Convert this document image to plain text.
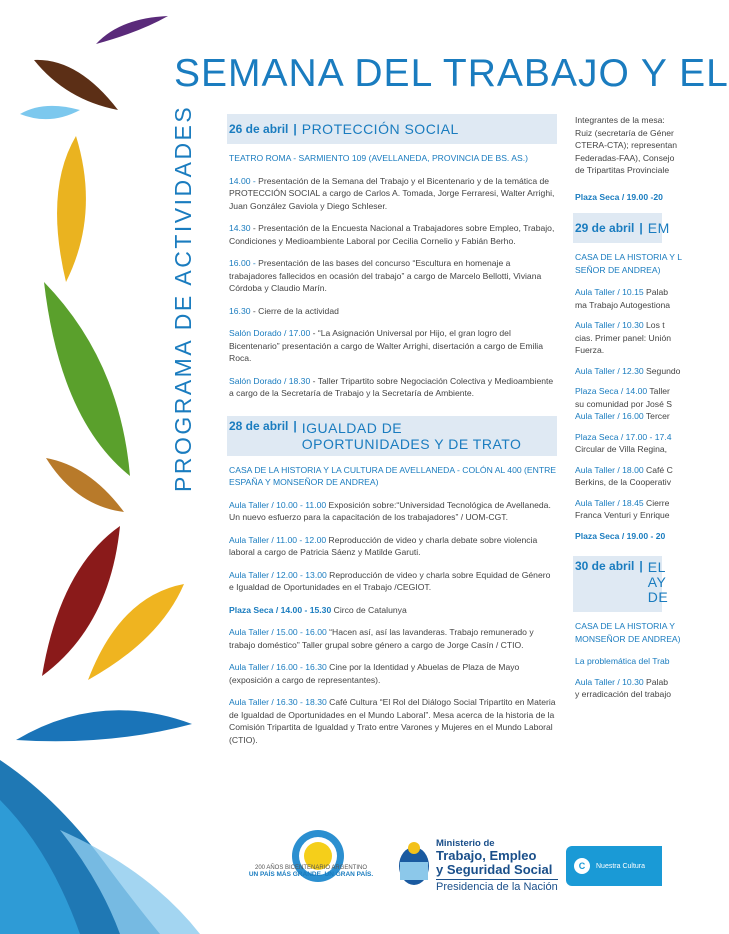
SEMANA DEL TRABAJO Y EL
PROGRAMA DE ACTIVIDADES	26 de abril | PROTECCIÓN SOCIAL
TEATRO ROMA - SARMIENTO 109 (AVELLANEDA, PROVINCIA DE BS. AS.)
14.00 - Presentación de la Semana del Trabajo y el Bicentenario y de la temática de PROTECCIÓN SOCIAL a cargo de Carlos A. Tomada, Jorge Ferraresi, Walter Arrighi, Juan González Gaviola y Diego Schleser.
14.30 - Presentación de la Encuesta Nacional a Trabajadores sobre Empleo, Trabajo, Condiciones y Medioambiente Laboral por Cecilia Cornelio y Fabián Berho.
16.00 - Presentación de las bases del concurso “Escultura en homenaje a trabajadores fallecidos en ocasión del trabajo” a cargo de Marcelo Bellotti, Viviana Córdoba y Claudio Marín.
16.30 - Cierre de la actividad
Salón Dorado / 17.00 - “La Asignación Universal por Hijo, el gran logro del Bicentenario” presentación a cargo de Walter Arrighi, disertación a cargo de Emilia Roca.
Salón Dorado / 18.30 - Taller Tripartito sobre Negociación Colectiva y Medioambiente a cargo de la Secretaría de Trabajo y la Secretaría de Ambiente.
28 de abril | IGUALDAD DE OPORTUNIDADES Y DE TRATO
CASA DE LA HISTORIA Y LA CULTURA DE AVELLANEDA - COLÓN AL 400 (ENTRE ESPAÑA Y MONSEÑOR DE ANDREA)
Aula Taller / 10.00 - 11.00 Exposición sobre:“Universidad Tecnológica de Avellaneda. Un nuevo esfuerzo para la capacitación de los trabajadores” / UOM-CGT.
Aula Taller / 11.00 - 12.00 Reproducción de video y charla debate sobre violencia laboral a cargo de Patricia Sáenz y Matilde Garuti.
Aula Taller / 12.00 - 13.00 Reproducción de video y charla sobre Equidad de Género e Igualdad de Oportunidades en el Trabajo /CEGIOT.
Plaza Seca / 14.00 - 15.30 Circo de Catalunya
Aula Taller / 15.00 - 16.00 “Hacen así, así las lavanderas. Trabajo remunerado y trabajo doméstico” Taller grupal sobre género a cargo de Jorge Casín / CTIO.
Aula Taller / 16.00 - 16.30 Cine por la Identidad y Abuelas de Plaza de Mayo (exposición a cargo de representantes).
Aula Taller / 16.30 - 18.30 Café Cultura “El Rol del Diálogo Social Tripartito en Materia de Igualdad de Oportunidades en el Mundo Laboral”. Mesa acerca de la historia de la Comisión Tripartita de Igualdad y Trato entre Varones y Mujeres en el Mundo Laboral (CTIO).
Integrantes de la mesa:
Ruiz (secretaría de Géner
CTERA-CTA); representan
Federadas-FAA), Consejo
de Tripartitas Provinciale
Plaza Seca / 19.00 -20
29 de abril | EM
CASA DE LA HISTORIA Y L
SEÑOR DE ANDREA)

Aula Taller / 10.15 Palab
ma Trabajo Autogestiona

Aula Taller / 10.30 Los t
cias. Primer panel: Unión
Fuerza.

Aula Taller / 12.30 Segundo

Plaza Seca / 14.00 Taller
su comunidad por José S
Aula Taller / 16.00 Tercer

Plaza Seca / 17.00 - 17.4
Circular de Villa Regina,

Aula Taller / 18.00 Café C
Berkins, de la Cooperativ

Aula Taller / 18.45 Cierre
Franca Venturi y Enrique

Plaza Seca / 19.00 - 20
30 de abril | EL
AY
DE
CASA DE LA HISTORIA Y
MONSEÑOR DE ANDREA)

La problemática del Trab

Aula Taller / 10.30 Palab
y erradicación del trabajo

200 AÑOS BICENTENARIO ARGENTINO
UN PAÍS MÁS GRANDE. UN GRAN PAÍS.
Ministerio de
Trabajo, Empleo
y Seguridad Social
Presidencia de la Nación
C	Nuestra Cultura
